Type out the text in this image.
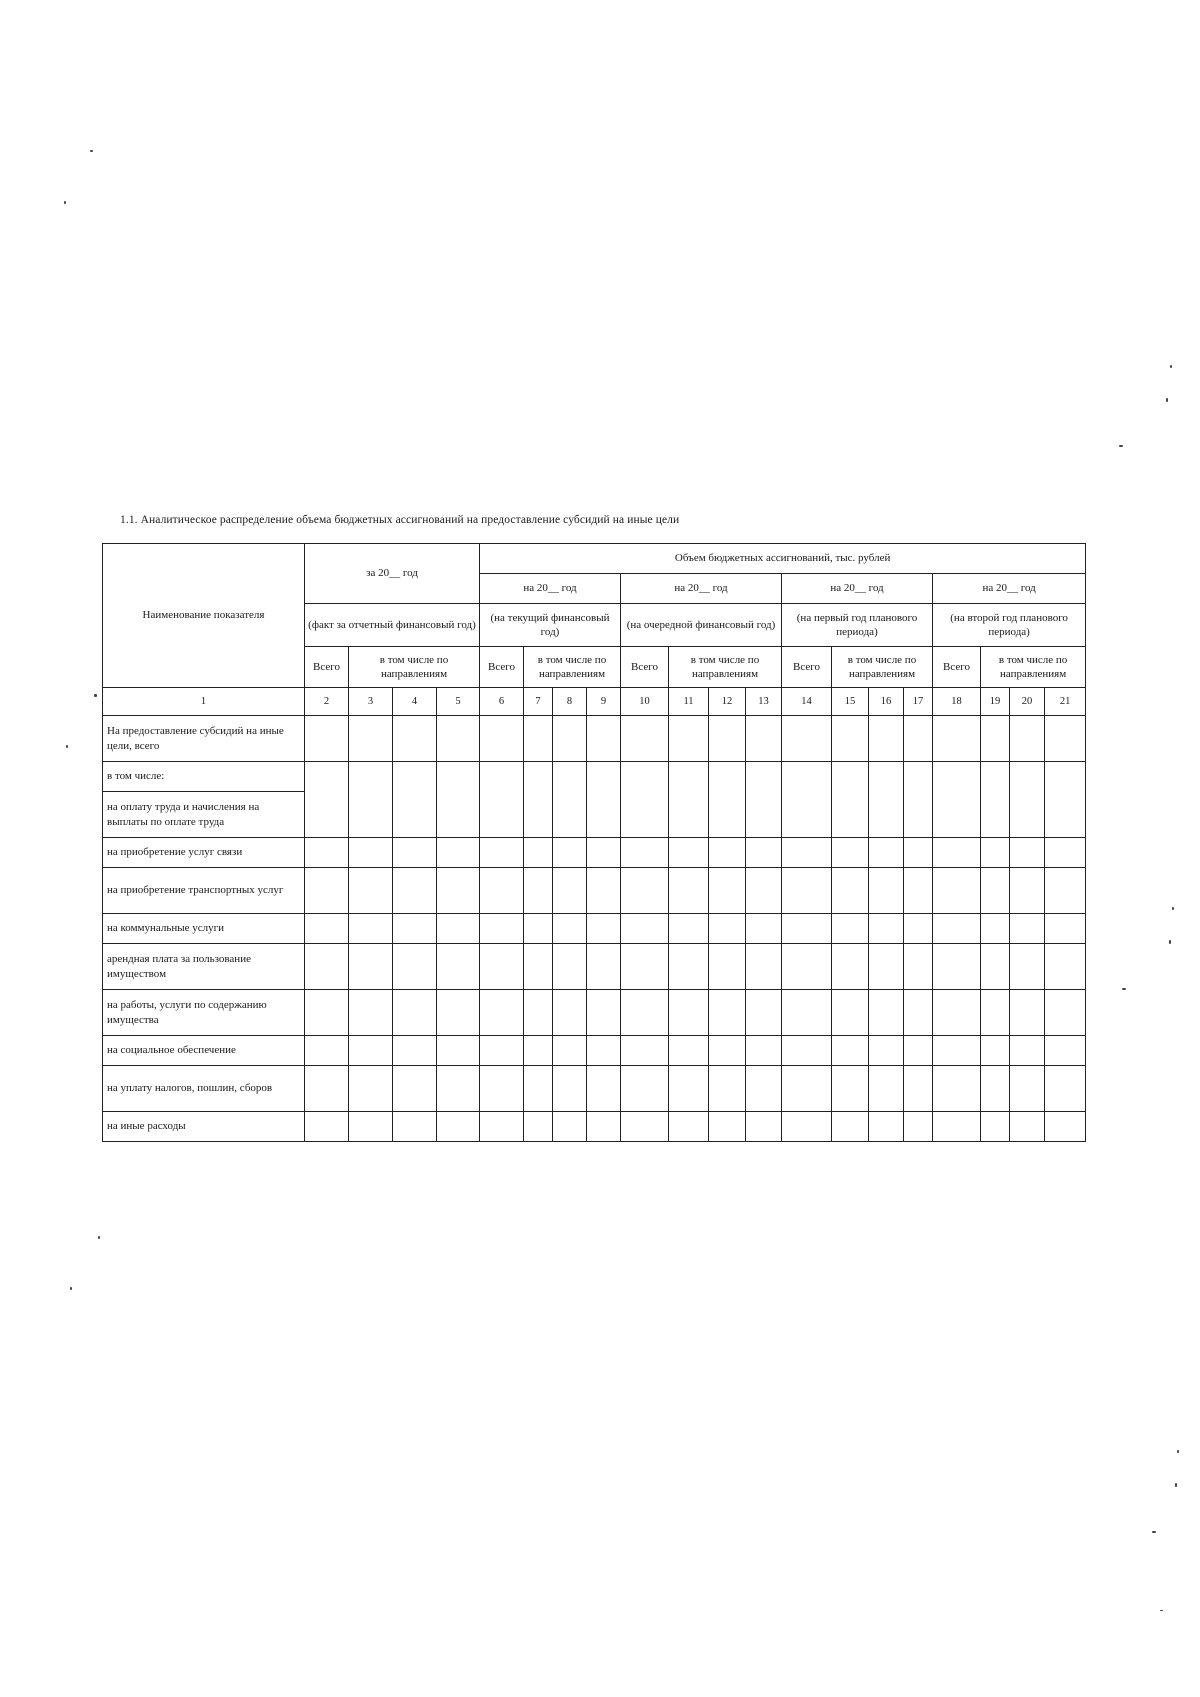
1.1. Аналитическое распределение объема бюджетных ассигнований на предоставление субсидий на иные цели
Наименование показателя	за 20__ год				Объем бюджетных ассигнований, тыс. рублей															
					на 20__ год				на 20__ год				на 20__ год				на 20__ год			
	(факт за отчетный финансовый год)				(на текущий финансовый год)				(на очередной финансовый год)				(на первый год планового периода)				(на второй год планового периода)			
	Всего	в том числе по направлениям			Всего	в том числе по направлениям			Всего	в том числе по направлениям			Всего	в том числе по направлениям			Всего	в том числе по направлениям		
1	2	3	4	5	6	7	8	9	10	11	12	13	14	15	16	17	18	19	20	21
На предоставление субсидий на иные цели, всего																				
в том числе:																				
на оплату труда и начисления на выплаты по оплате труда																				
на приобретение услуг связи																				
на приобретение транспортных услуг																				
на коммунальные услуги																				
арендная плата за пользование имуществом																				
на работы, услуги по содержанию имущества																				
на социальное обеспечение																				
на уплату налогов, пошлин, сборов																				
на иные расходы																				
